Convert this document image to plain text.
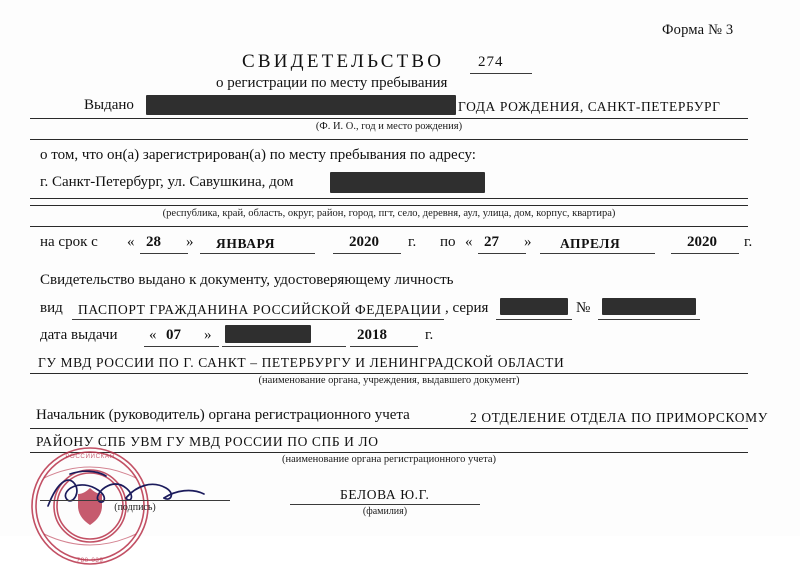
Форма № 3
СВИДЕТЕЛЬСТВО 274
о регистрации по месту пребывания
Выдано	ГОДА РОЖДЕНИЯ, САНКТ-ПЕТЕРБУРГ
(Ф. И. О., год и место рождения)
о том, что он(а) зарегистрирован(а) по месту пребывания по адресу:
г. Санкт-Петербург, ул. Савушкина, дом
(республика, край, область, округ, район, город, пгт, село, деревня, аул, улица, дом, корпус, квартира)
на срок с « 28 » ЯНВАРЯ	2020 г. по « 27 » АПРЕЛЯ	2020 г.
Свидетельство выдано к документу, удостоверяющему личность
вид ПАСПОРТ ГРАЖДАНИНА РОССИЙСКОЙ ФЕДЕРАЦИИ , серия	№
дата выдачи « 07 »	2018	г.
ГУ МВД РОССИИ ПО Г. САНКТ – ПЕТЕРБУРГУ И ЛЕНИНГРАДСКОЙ ОБЛАСТИ
(наименование органа, учреждения, выдавшего документ)
Начальник (руководитель) органа регистрационного учета	2 ОТДЕЛЕНИЕ ОТДЕЛА ПО ПРИМОРСКОМУ
РАЙОНУ СПБ УВМ ГУ МВД РОССИИ ПО СПБ И ЛО
(наименование органа регистрационного учета)
РОССИЙСКАЯ
780-039
(подпись)
БЕЛОВА Ю.Г.
(фамилия)
